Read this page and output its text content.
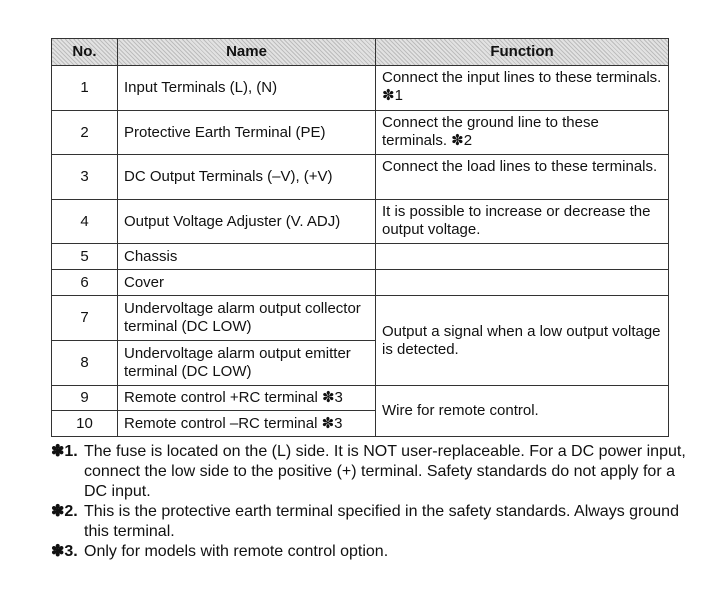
No.	Name	Function
1	Input Terminals (L), (N)	Connect the input lines to these terminals. ✽1
2	Protective Earth Terminal (PE)	Connect the ground line to these terminals. ✽2
3	DC Output Terminals (–V), (+V)	Connect the load lines to these terminals.
4	Output Voltage Adjuster (V. ADJ)	It is possible to increase or decrease the output voltage.
5	Chassis	
6	Cover	
7	Undervoltage alarm output collector terminal (DC LOW)	Output a signal when a low output voltage is detected.
8	Undervoltage alarm output emitter terminal (DC LOW)	
9	Remote control +RC terminal ✽3	Wire for remote control.
10	Remote control –RC terminal ✽3	

✽1. The fuse is located on the (L) side. It is NOT user-replaceable. For a DC power input, connect the low side to the positive (+) terminal. Safety standards do not apply for a DC input.

✽2. This is the protective earth terminal specified in the safety standards. Always ground this terminal.

✽3. Only for models with remote control option.
